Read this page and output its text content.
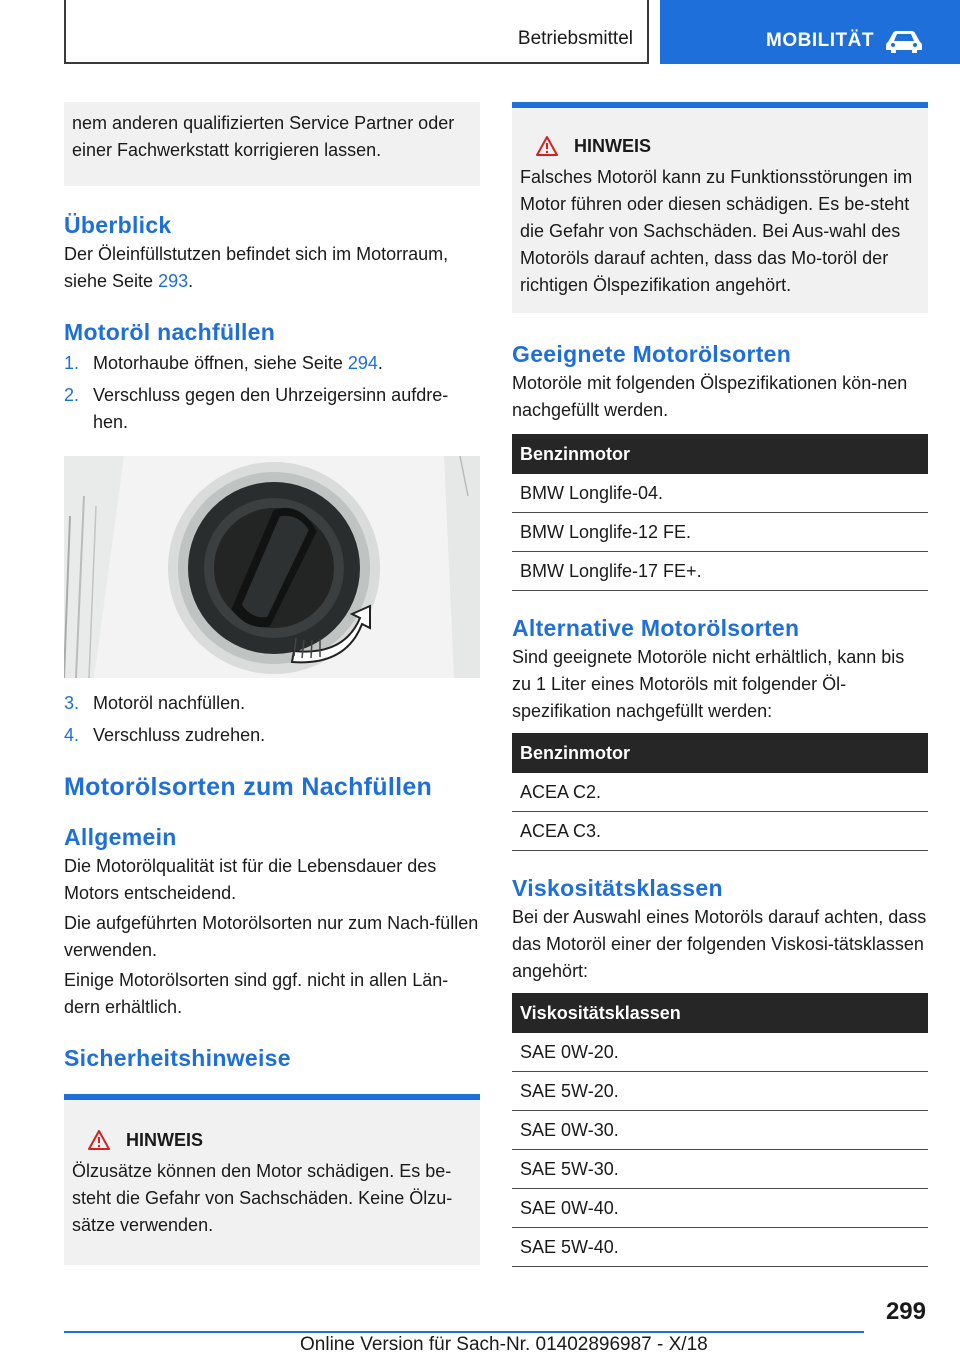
Betriebsmittel	MOBILITÄT

nem anderen qualifizierten Service Partner oder einer Fachwerkstatt korrigieren lassen.

Überblick

Der Öleinfüllstutzen befindet sich im Motorraum, siehe Seite 293.

Motoröl nachfüllen
1. Motorhaube öffnen, siehe Seite 294.
2. Verschluss gegen den Uhrzeigersinn aufdre‐hen.
3. Motoröl nachfüllen.
4. Verschluss zudrehen.
Motorölsorten zum Nachfüllen
Allgemein

Die Motorölqualität ist für die Lebensdauer des Motors entscheidend.

Die aufgeführten Motorölsorten nur zum Nach‐füllen verwenden.

Einige Motorölsorten sind ggf. nicht in allen Län‐dern erhältlich.

Sicherheitshinweise
HINWEIS

Ölzusätze können den Motor schädigen. Es be‐steht die Gefahr von Sachschäden. Keine Ölzu‐sätze verwenden.

HINWEIS

Falsches Motoröl kann zu Funktionsstörungen im Motor führen oder diesen schädigen. Es be‐steht die Gefahr von Sachschäden. Bei Aus‐wahl des Motoröls darauf achten, dass das Mo‐toröl der richtigen Ölspezifikation angehört.

Geeignete Motorölsorten

Motoröle mit folgenden Ölspezifikationen kön‐nen nachgefüllt werden.

Benzinmotor
BMW Longlife-04.
BMW Longlife-12 FE.
BMW Longlife-17 FE+.
Alternative Motorölsorten

Sind geeignete Motoröle nicht erhältlich, kann bis zu 1 Liter eines Motoröls mit folgender Öl‐spezifikation nachgefüllt werden:

Benzinmotor
ACEA C2.
ACEA C3.
Viskositätsklassen

Bei der Auswahl eines Motoröls darauf achten, dass das Motoröl einer der folgenden Viskosi‐tätsklassen angehört:

Viskositätsklassen
SAE 0W-20.
SAE 5W-20.
SAE 0W-30.
SAE 5W-30.
SAE 0W-40.
SAE 5W-40.
299
Online Version für Sach-Nr. 01402896987 - X/18
